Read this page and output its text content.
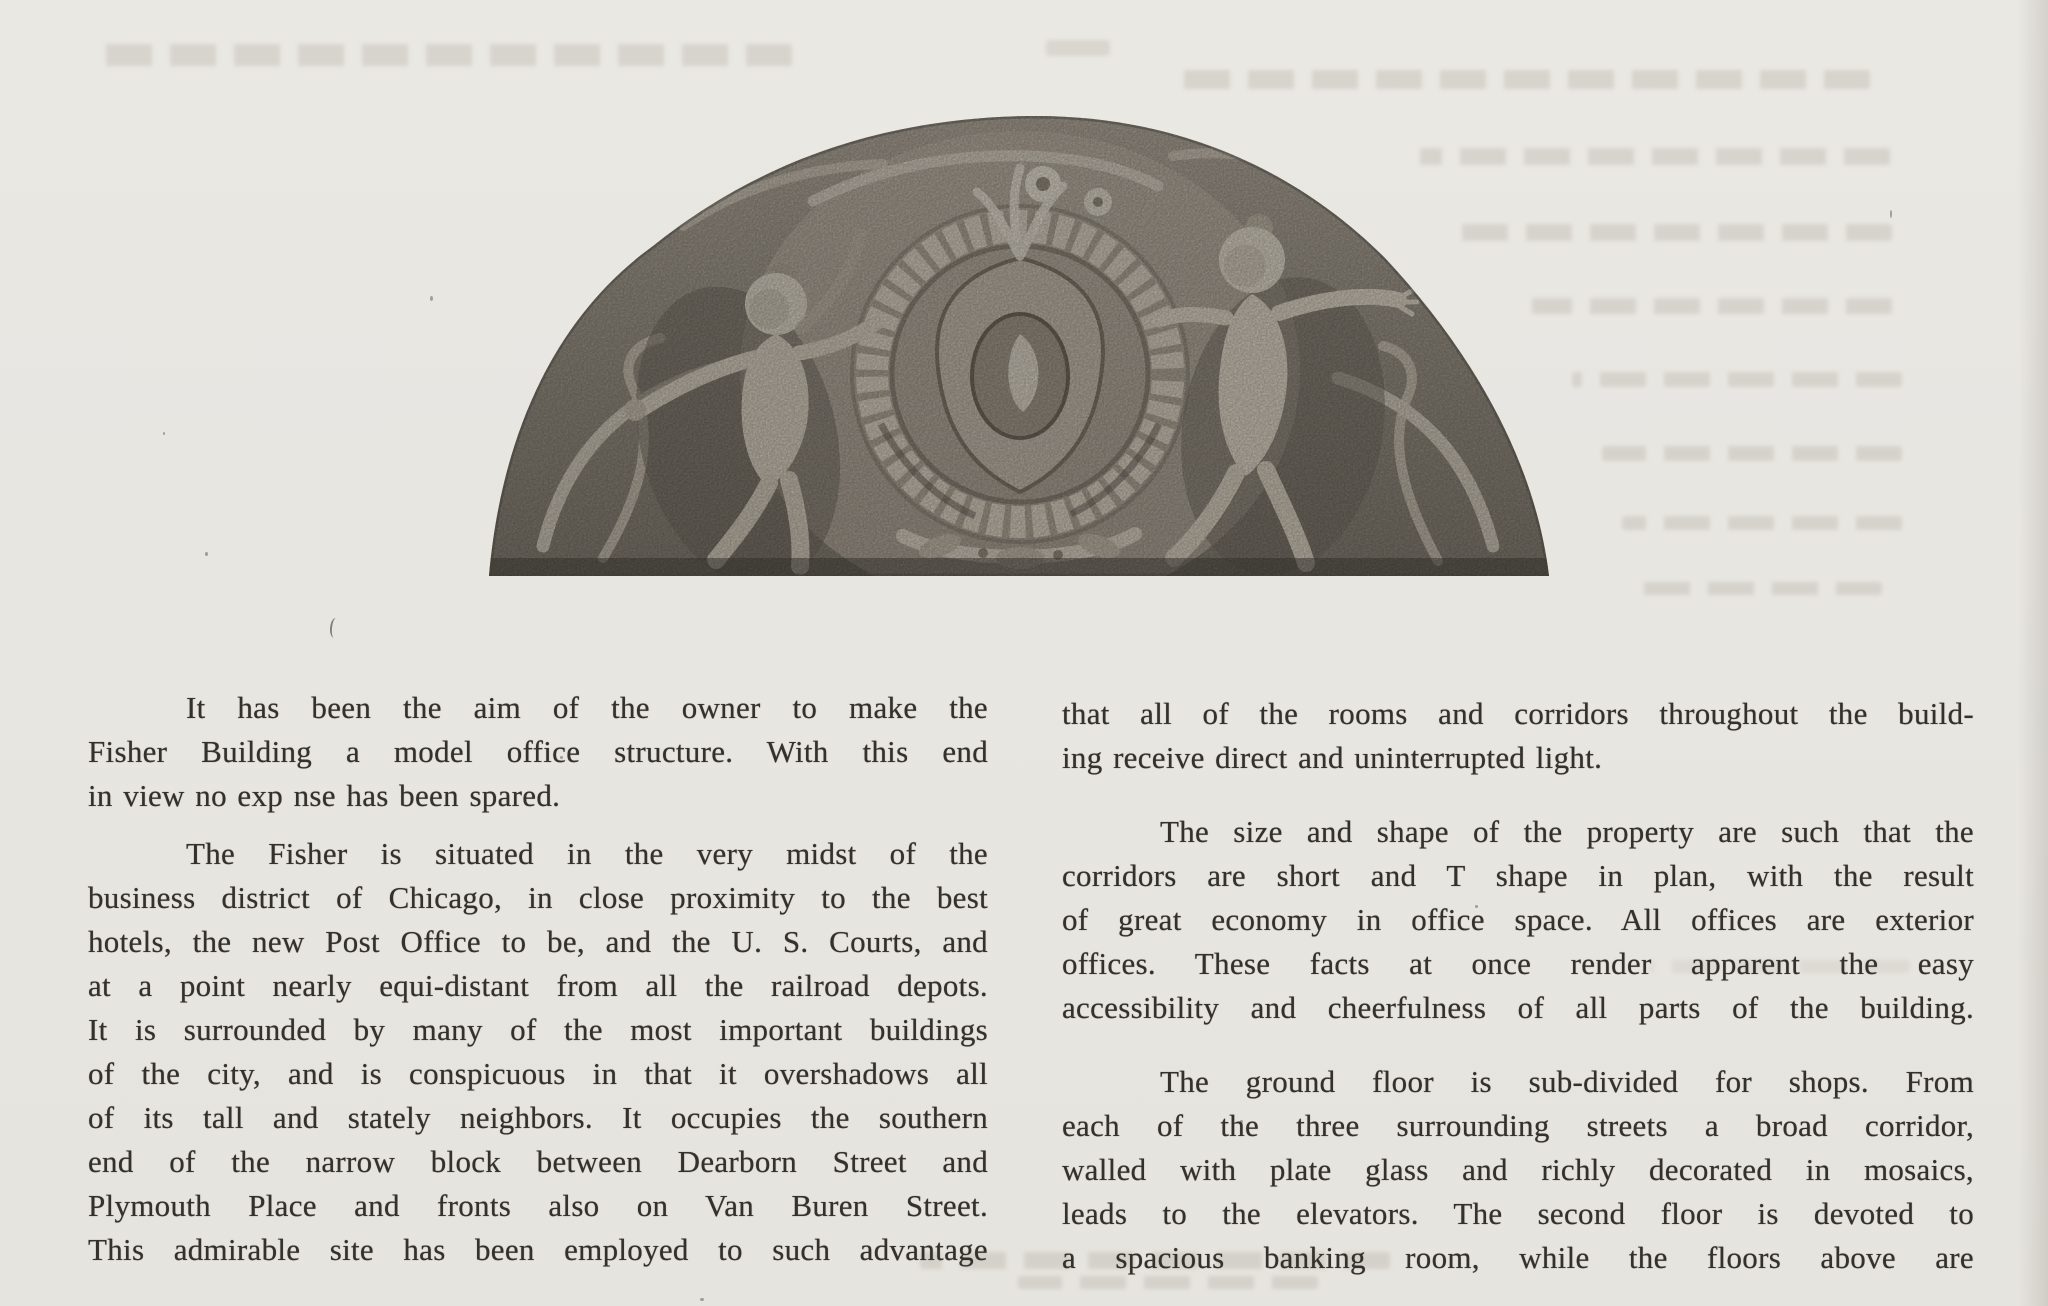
It has been the aim of the owner to make the
Fisher Building a model office structure. With this end
in view no exp nse has been spared.
The Fisher is situated in the very midst of the
business district of Chicago, in close proximity to the best
hotels, the new Post Office to be, and the U. S. Courts, and
at a point nearly equi-distant from all the railroad depots.
It is surrounded by many of the most important buildings
of the city, and is conspicuous in that it overshadows all
of its tall and stately neighbors. It occupies the southern
end of the narrow block between Dearborn Street and
Plymouth Place and fronts also on Van Buren Street.
This admirable site has been employed to such advantage
that all of the rooms and corridors throughout the build-
ing receive direct and uninterrupted light.
The size and shape of the property are such that the
corridors are short and T shape in plan, with the result
of great economy in office space. All offices are exterior
offices. These facts at once render apparent the easy
accessibility and cheerfulness of all parts of the building.
The ground floor is sub-divided for shops. From
each of the three surrounding streets a broad corridor,
walled with plate glass and richly decorated in mosaics,
leads to the elevators. The second floor is devoted to
a spacious banking room, while the floors above are
